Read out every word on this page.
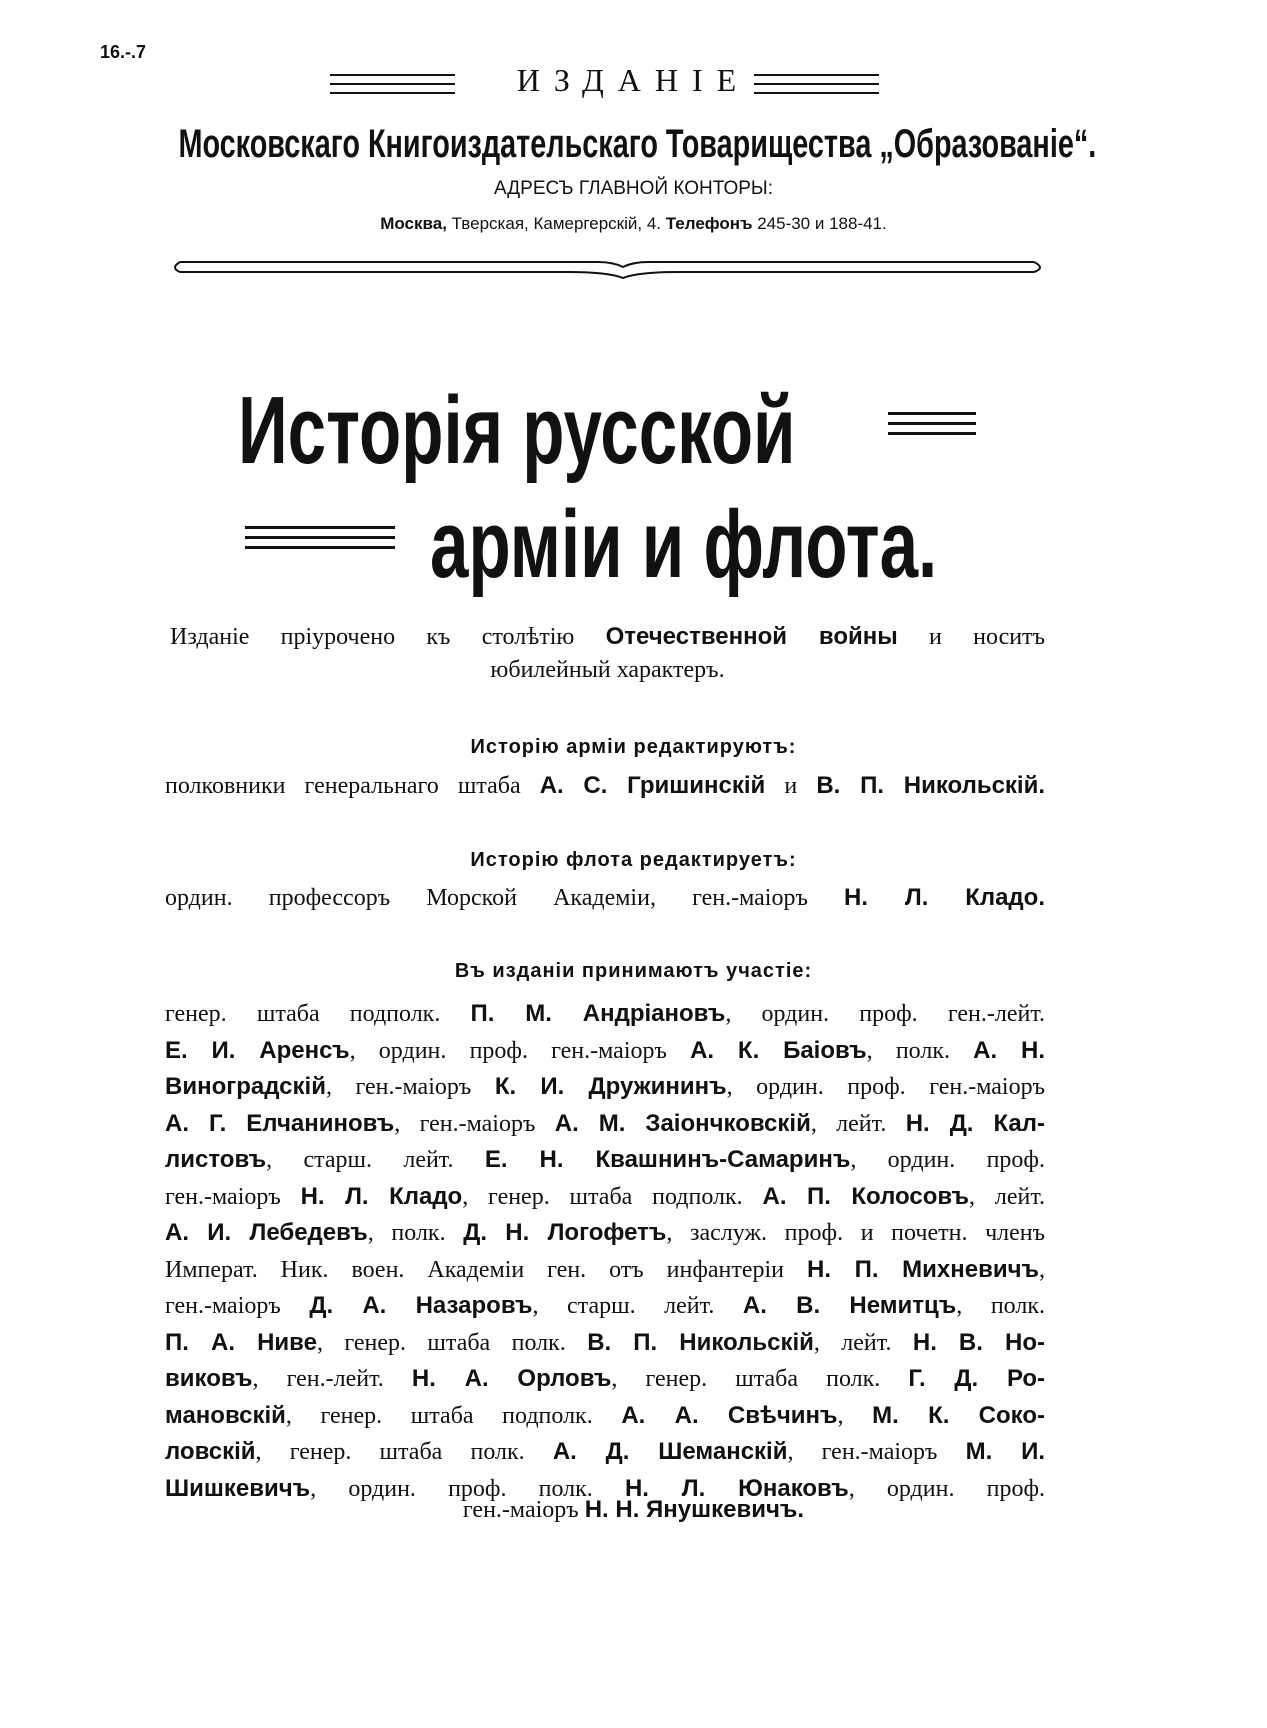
16.-.7
ИЗДАНІЕ
Московскаго Книгоиздательскаго Товарищества „Образованіе“.
АДРЕСЪ ГЛАВНОЙ КОНТОРЫ:
Москва, Тверская, Камергерскій, 4. Телефонъ 245-30 и 188-41.
Исторія русской
арміи и флота.
Изданіе пріурочено къ столѣтію Отечественной войны и носитъ
юбилейный характеръ.
Исторію арміи редактируютъ:
полковники генеральнаго штаба А. С. Гришинскій и В. П. Никольскій.
Исторію флота редактируетъ:
ордин. профессоръ Морской Академіи, ген.-маіоръ Н. Л. Кладо.
Въ изданіи принимаютъ участіе:
генер. штаба подполк. П. М. Андріановъ, ордин. проф. ген.-лейт.
Е. И. Аренсъ, ордин. проф. ген.-маіоръ А. К. Баіовъ, полк. А. Н.
Виноградскій, ген.-маіоръ К. И. Дружининъ, ордин. проф. ген.-маіоръ
А. Г. Елчаниновъ, ген.-маіоръ А. М. Заіончковскій, лейт. Н. Д. Кал-
листовъ, старш. лейт. Е. Н. Квашнинъ-Самаринъ, ордин. проф.
ген.-маіоръ Н. Л. Кладо, генер. штаба подполк. А. П. Колосовъ, лейт.
А. И. Лебедевъ, полк. Д. Н. Логофетъ, заслуж. проф. и почетн. членъ
Императ. Ник. воен. Академіи ген. отъ инфантеріи Н. П. Михневичъ,
ген.-маіоръ Д. А. Назаровъ, старш. лейт. А. В. Немитцъ, полк.
П. А. Ниве, генер. штаба полк. В. П. Никольскій, лейт. Н. В. Но-
виковъ, ген.-лейт. Н. А. Орловъ, генер. штаба полк. Г. Д. Ро-
мановскій, генер. штаба подполк. А. А. Свѣчинъ, М. К. Соко-
ловскій, генер. штаба полк. А. Д. Шеманскій, ген.-маіоръ М. И.
Шишкевичъ, ордин. проф. полк. Н. Л. Юнаковъ, ордин. проф.
ген.-маіоръ Н. Н. Янушкевичъ.
